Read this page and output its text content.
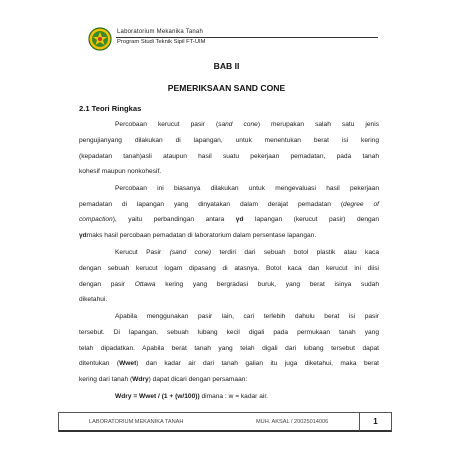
Laboratorium Mekanika Tanah
Program Studi Teknik Sipil FT-UIM
BAB II
PEMERIKSAAN SAND CONE
2.1 Teori Ringkas
Percobaan kerucut pasir (sand cone) merupakan salah satu jenis
pengujianyang dilakukan di lapangan, untuk menentukan berat isi kering
(kepadatan tanah)asli ataupun hasil suatu pekerjaan pemadatan, pada tanah
kohesif maupun nonkohesif.
Percobaan ini biasanya dilakukan untuk mengevaluasi hasil pekerjaan
pemadatan di lapangan yang dinyatakan dalam derajat pemadatan (degree of
compaction), yaitu perbandingan antara γd lapangan (kerucut pasir) dengan
γdmaks hasil percobaan pemadatan di laboratorium dalam persentase lapangan.
Kerucut Pasir (sand cone) terdiri dari sebuah botol plastik atau kaca
dengan sebuah kerucut logam dipasang di atasnya. Botol kaca dan kerucut ini diisi
dengan pasir Ottawa kering yang bergradasi buruk, yang berat isinya sudah
diketahui.
Apabila menggunakan pasir lain, cari terlebih dahulu berat isi pasir
tersebut. Di lapangan, sebuah lubang kecil digali pada permukaan tanah yang
telah dipadatkan. Apabila berat tanah yang telah digali dari lubang tersebut dapat
ditentukan (Wwet) dan kadar air dari tanah galian itu juga diketahui, maka berat
kering dari tanah (Wdry) dapat dicari dengan persamaan:
Wdry = Wwet / (1 + (w/100)) dimana : w = kadar air.
LABORATORIUM MEKANIKA TANAH	MUH. AKSAL / 20025014006	1
